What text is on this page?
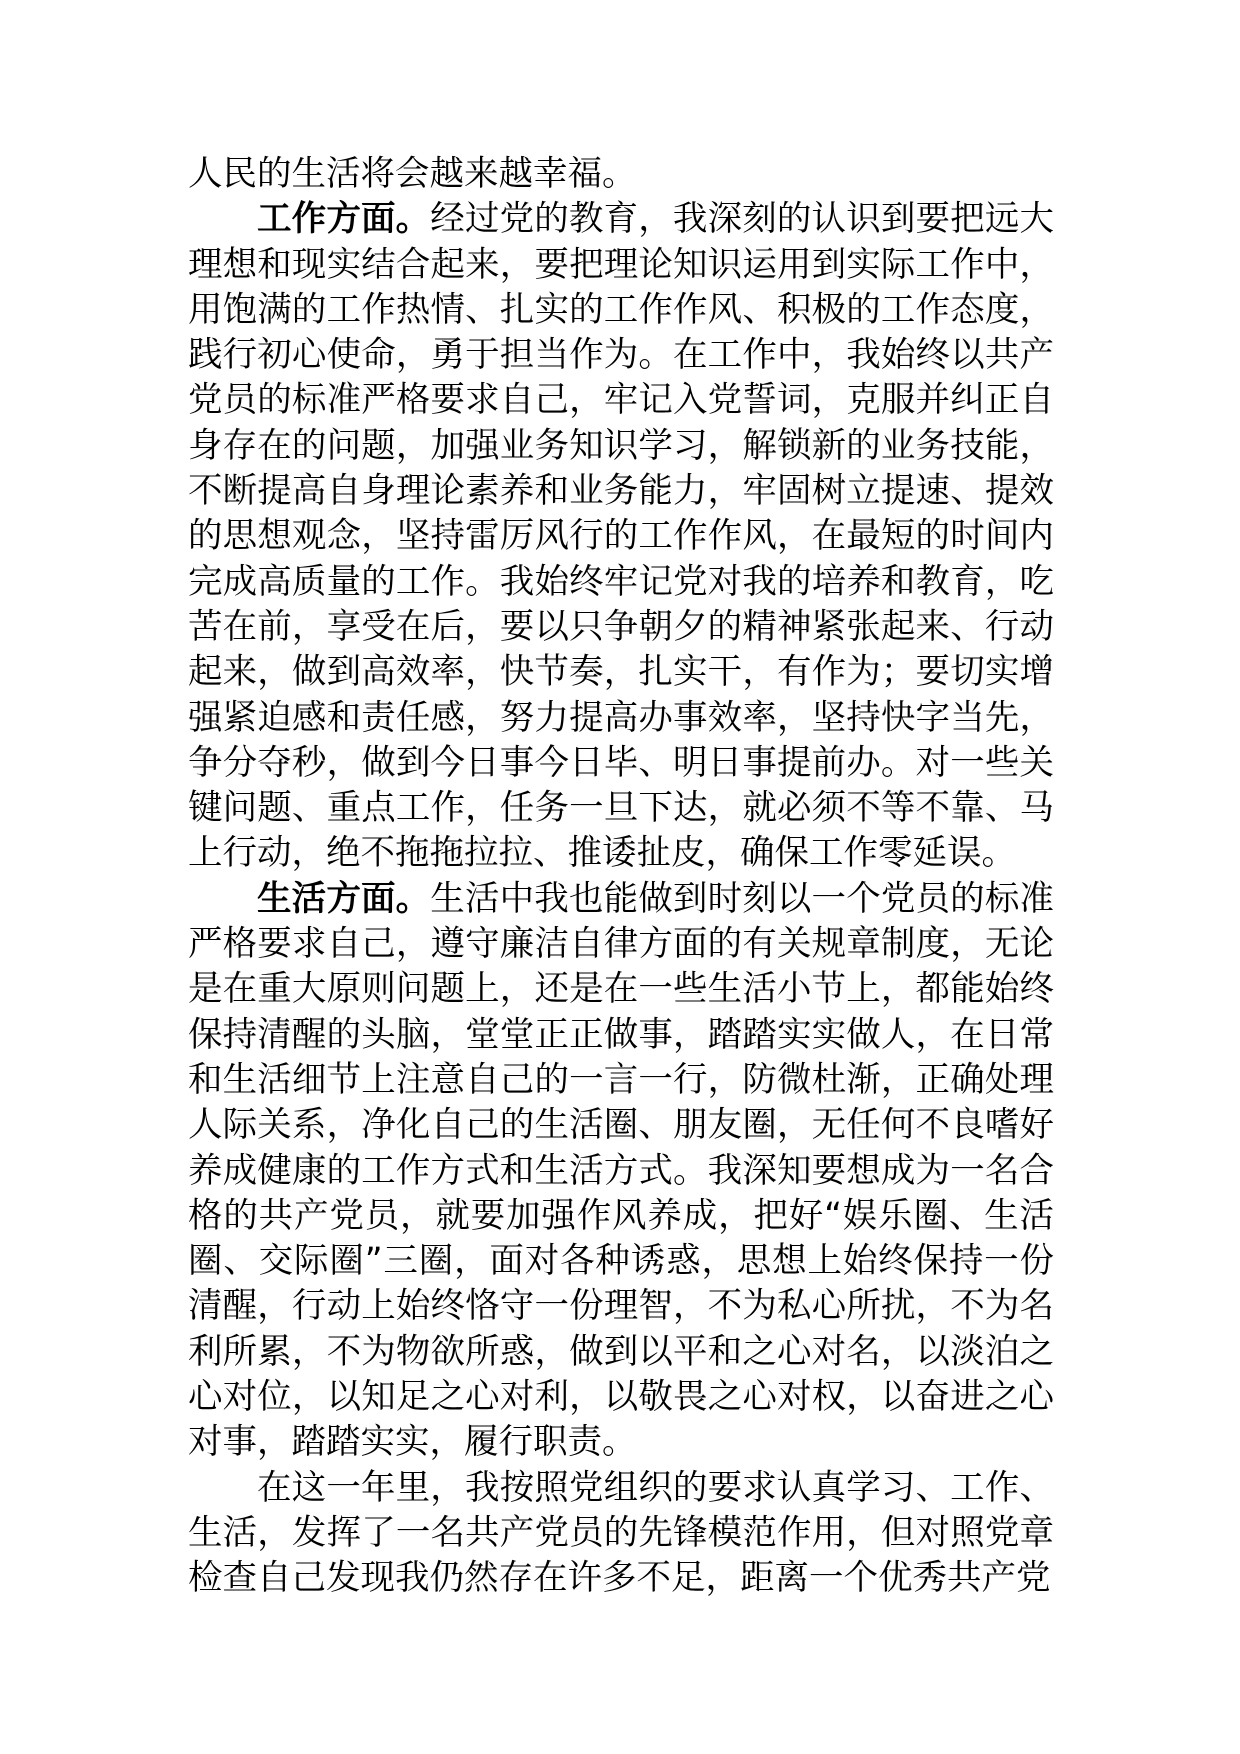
人民的生活将会越来越幸福。

工作方面。经过党的教育，我深刻的认识到要把远大理想和现实结合起来，要把理论知识运用到实际工作中，用饱满的工作热情、扎实的工作作风、积极的工作态度，践行初心使命，勇于担当作为。在工作中，我始终以共产党员的标准严格要求自己，牢记入党誓词，克服并纠正自身存在的问题，加强业务知识学习，解锁新的业务技能，不断提高自身理论素养和业务能力，牢固树立提速、提效的思想观念，坚持雷厉风行的工作作风，在最短的时间内完成高质量的工作。我始终牢记党对我的培养和教育，吃苦在前，享受在后，要以只争朝夕的精神紧张起来、行动起来，做到高效率，快节奏，扎实干，有作为；要切实增强紧迫感和责任感，努力提高办事效率，坚持快字当先，争分夺秒，做到今日事今日毕、明日事提前办。对一些关键问题、重点工作，任务一旦下达，就必须不等不靠、马上行动，绝不拖拖拉拉、推诿扯皮，确保工作零延误。

生活方面。生活中我也能做到时刻以一个党员的标准严格要求自己，遵守廉洁自律方面的有关规章制度，无论是在重大原则问题上，还是在一些生活小节上，都能始终保持清醒的头脑，堂堂正正做事，踏踏实实做人，在日常和生活细节上注意自己的一言一行，防微杜渐，正确处理人际关系，净化自己的生活圈、朋友圈，无任何不良嗜好养成健康的工作方式和生活方式。我深知要想成为一名合格的共产党员，就要加强作风养成，把好“娱乐圈、生活圈、交际圈”三圈，面对各种诱惑，思想上始终保持一份清醒，行动上始终恪守一份理智，不为私心所扰，不为名利所累，不为物欲所惑，做到以平和之心对名，以淡泊之心对位，以知足之心对利，以敬畏之心对权，以奋进之心对事，踏踏实实，履行职责。

在这一年里，我按照党组织的要求认真学习、工作、生活，发挥了一名共产党员的先锋模范作用，但对照党章检查自己发现我仍然存在许多不足，距离一个优秀共产党
